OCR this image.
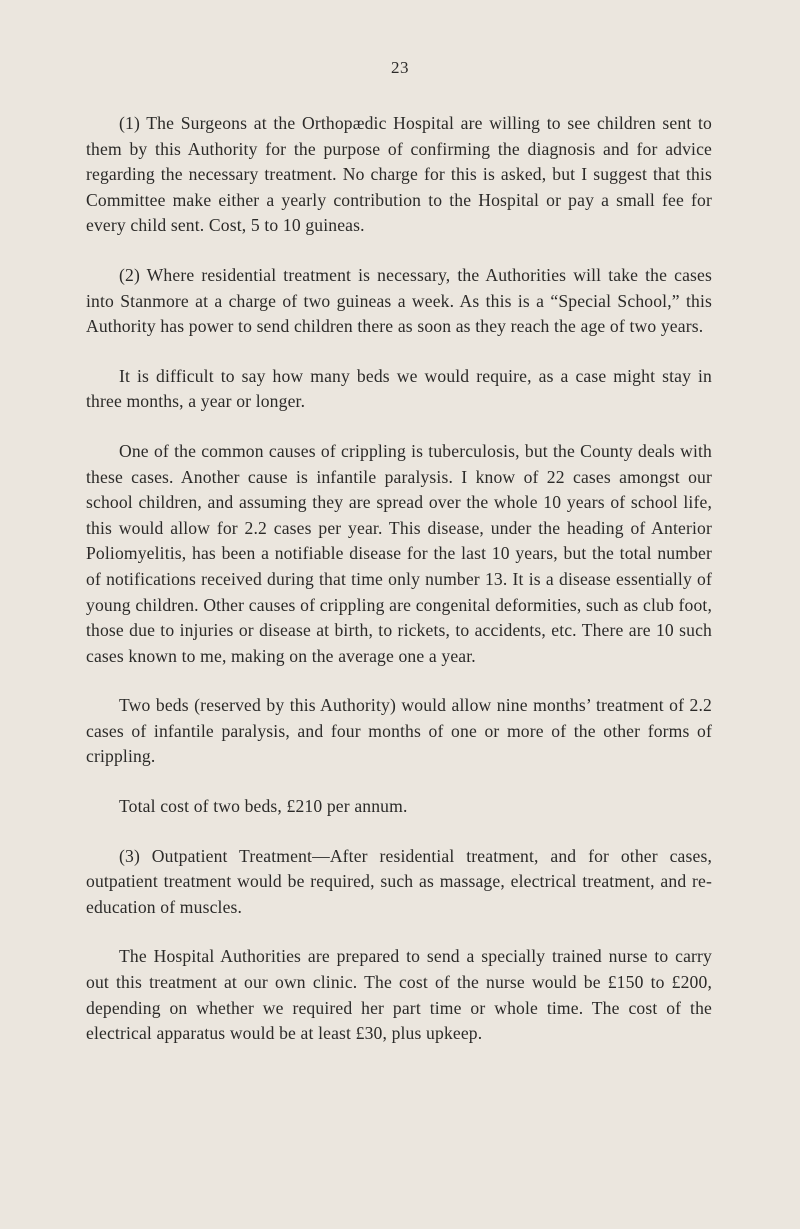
23

(1) The Surgeons at the Orthopædic Hospital are willing to see children sent to them by this Authority for the purpose of confirming the diagnosis and for advice regarding the necessary treatment. No charge for this is asked, but I suggest that this Committee make either a yearly contribution to the Hospital or pay a small fee for every child sent. Cost, 5 to 10 guineas.

(2) Where residential treatment is necessary, the Authorities will take the cases into Stanmore at a charge of two guineas a week. As this is a “Special School,” this Authority has power to send children there as soon as they reach the age of two years.

It is difficult to say how many beds we would require, as a case might stay in three months, a year or longer.

One of the common causes of crippling is tuberculosis, but the County deals with these cases. Another cause is infantile paralysis. I know of 22 cases amongst our school children, and assuming they are spread over the whole 10 years of school life, this would allow for 2.2 cases per year. This disease, under the heading of Anterior Poliomyelitis, has been a notifiable disease for the last 10 years, but the total number of notifications received during that time only number 13. It is a disease essentially of young children. Other causes of crippling are congenital deformities, such as club foot, those due to injuries or disease at birth, to rickets, to accidents, etc. There are 10 such cases known to me, making on the average one a year.

Two beds (reserved by this Authority) would allow nine months’ treatment of 2.2 cases of infantile paralysis, and four months of one or more of the other forms of crippling.

Total cost of two beds, £210 per annum.

(3) Outpatient Treatment—After residential treatment, and for other cases, outpatient treatment would be required, such as massage, electrical treatment, and re-education of muscles.

The Hospital Authorities are prepared to send a specially trained nurse to carry out this treatment at our own clinic. The cost of the nurse would be £150 to £200, depending on whether we required her part time or whole time. The cost of the electrical apparatus would be at least £30, plus upkeep.
